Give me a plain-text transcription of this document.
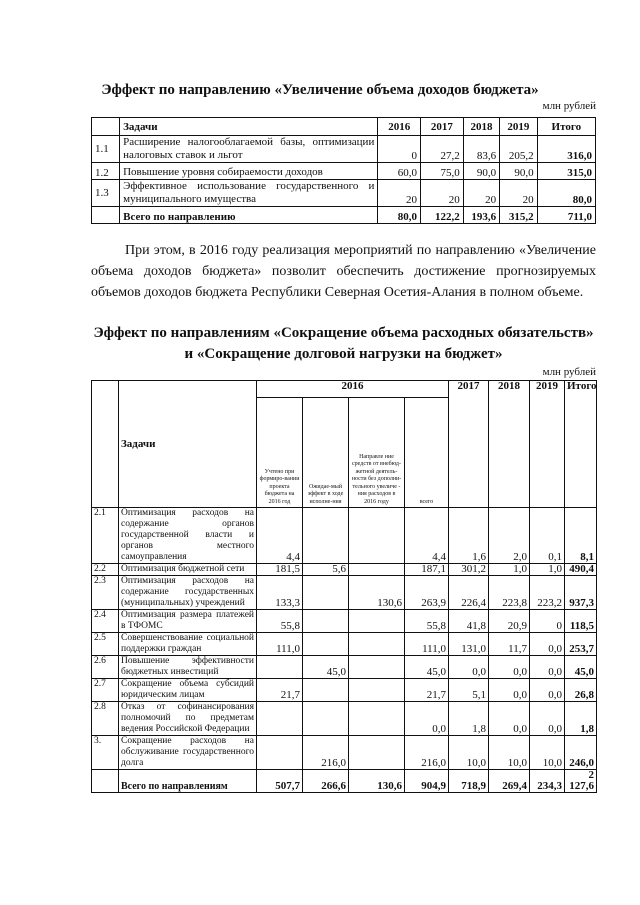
Эффект по направлению «Увеличение объема доходов бюджета»
млн рублей
	Задачи	2016	2017	2018	2019	Итого
1.1	Расширение налогооблагаемой базы, оптимизации налоговых ставок и льгот	0	27,2	83,6	205,2	316,0
1.2	Повышение уровня собираемости доходов	60,0	75,0	90,0	90,0	315,0
1.3	Эффективное использование государственного и муниципального имущества	20	20	20	20	80,0
	Всего по направлению	80,0	122,2	193,6	315,2	711,0
При этом, в 2016 году реализация мероприятий по направлению «Увеличение объема доходов бюджета» позволит обеспечить достижение прогнозируемых объемов доходов бюджета Республики Северная Осетия-Алания в полном объеме.
Эффект по направлениям «Сокращение объема расходных обязательств» и «Сокращение долговой нагрузки на бюджет»
млн рублей
	Задачи	2016				2017	2018	2019	Итого
		Учтено при формиро-вании проекта бюджета на 2016 год	Ожидае-мый эффект в ходе исполне-ния	Направле ние средств от внебюд-жетной деятель-ности без дополни-тельного увеличе - ния расходов в 2016 году	всего				
2.1	Оптимизация расходов на содержание органов государственной власти и органов местного самоуправления	4,4			4,4	1,6	2,0	0,1	8,1
2.2	Оптимизация бюджетной сети	181,5	5,6		187,1	301,2	1,0	1,0	490,4
2.3	Оптимизация расходов на содержание государственных (муниципальных) учреждений	133,3		130,6	263,9	226,4	223,8	223,2	937,3
2.4	Оптимизация размера платежей в ТФОМС	55,8			55,8	41,8	20,9	0	118,5
2.5	Совершенствование социальной поддержки граждан	111,0			111,0	131,0	11,7	0,0	253,7
2.6	Повышение эффективности бюджетных инвестиций		45,0		45,0	0,0	0,0	0,0	45,0
2.7	Сокращение объема субсидий юридическим лицам	21,7			21,7	5,1	0,0	0,0	26,8
2.8	Отказ от софинансирования полномочий по предметам ведения Российской Федерации				0,0	1,8	0,0	0,0	1,8
3.	Сокращение расходов на обслуживание государственного долга		216,0		216,0	10,0	10,0	10,0	246,0
	Всего по направлениям	507,7	266,6	130,6	904,9	718,9	269,4	234,3	2 127,6
